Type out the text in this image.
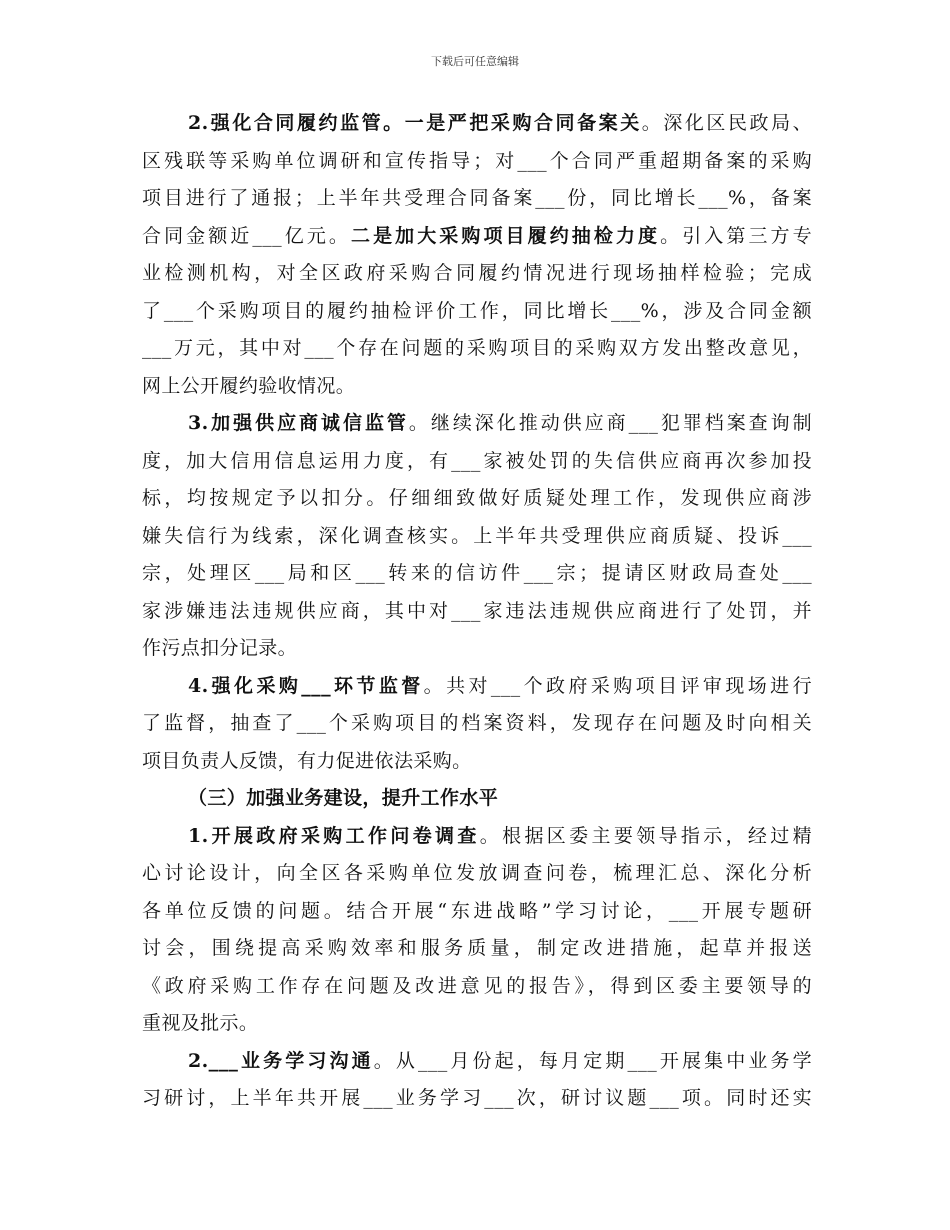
下载后可任意编辑
2.强化合同履约监管。一是严把采购合同备案关。深化区民政局、
区残联等采购单位调研和宣传指导；对___个合同严重超期备案的采购
项目进行了通报；上半年共受理合同备案___份，同比增长___%，备案
合同金额近___亿元。二是加大采购项目履约抽检力度。引入第三方专
业检测机构，对全区政府采购合同履约情况进行现场抽样检验；完成
了___个采购项目的履约抽检评价工作，同比增长___%，涉及合同金额
___万元，其中对___个存在问题的采购项目的采购双方发出整改意见，
网上公开履约验收情况。
3.加强供应商诚信监管。继续深化推动供应商___犯罪档案查询制
度，加大信用信息运用力度，有___家被处罚的失信供应商再次参加投
标，均按规定予以扣分。仔细细致做好质疑处理工作，发现供应商涉
嫌失信行为线索，深化调查核实。上半年共受理供应商质疑、投诉___
宗，处理区___局和区___转来的信访件___宗；提请区财政局查处___
家涉嫌违法违规供应商，其中对___家违法违规供应商进行了处罚，并
作污点扣分记录。
4.强化采购___环节监督。共对___个政府采购项目评审现场进行
了监督，抽查了___个采购项目的档案资料，发现存在问题及时向相关
项目负责人反馈，有力促进依法采购。
（三）加强业务建设，提升工作水平
1.开展政府采购工作问卷调查。根据区委主要领导指示，经过精
心讨论设计，向全区各采购单位发放调查问卷，梳理汇总、深化分析
各单位反馈的问题。结合开展“东进战略”学习讨论，___开展专题研
讨会，围绕提高采购效率和服务质量，制定改进措施，起草并报送
《政府采购工作存在问题及改进意见的报告》，得到区委主要领导的
重视及批示。
2.___业务学习沟通。从___月份起，每月定期___开展集中业务学
习研讨，上半年共开展___业务学习___次，研讨议题___项。同时还实
